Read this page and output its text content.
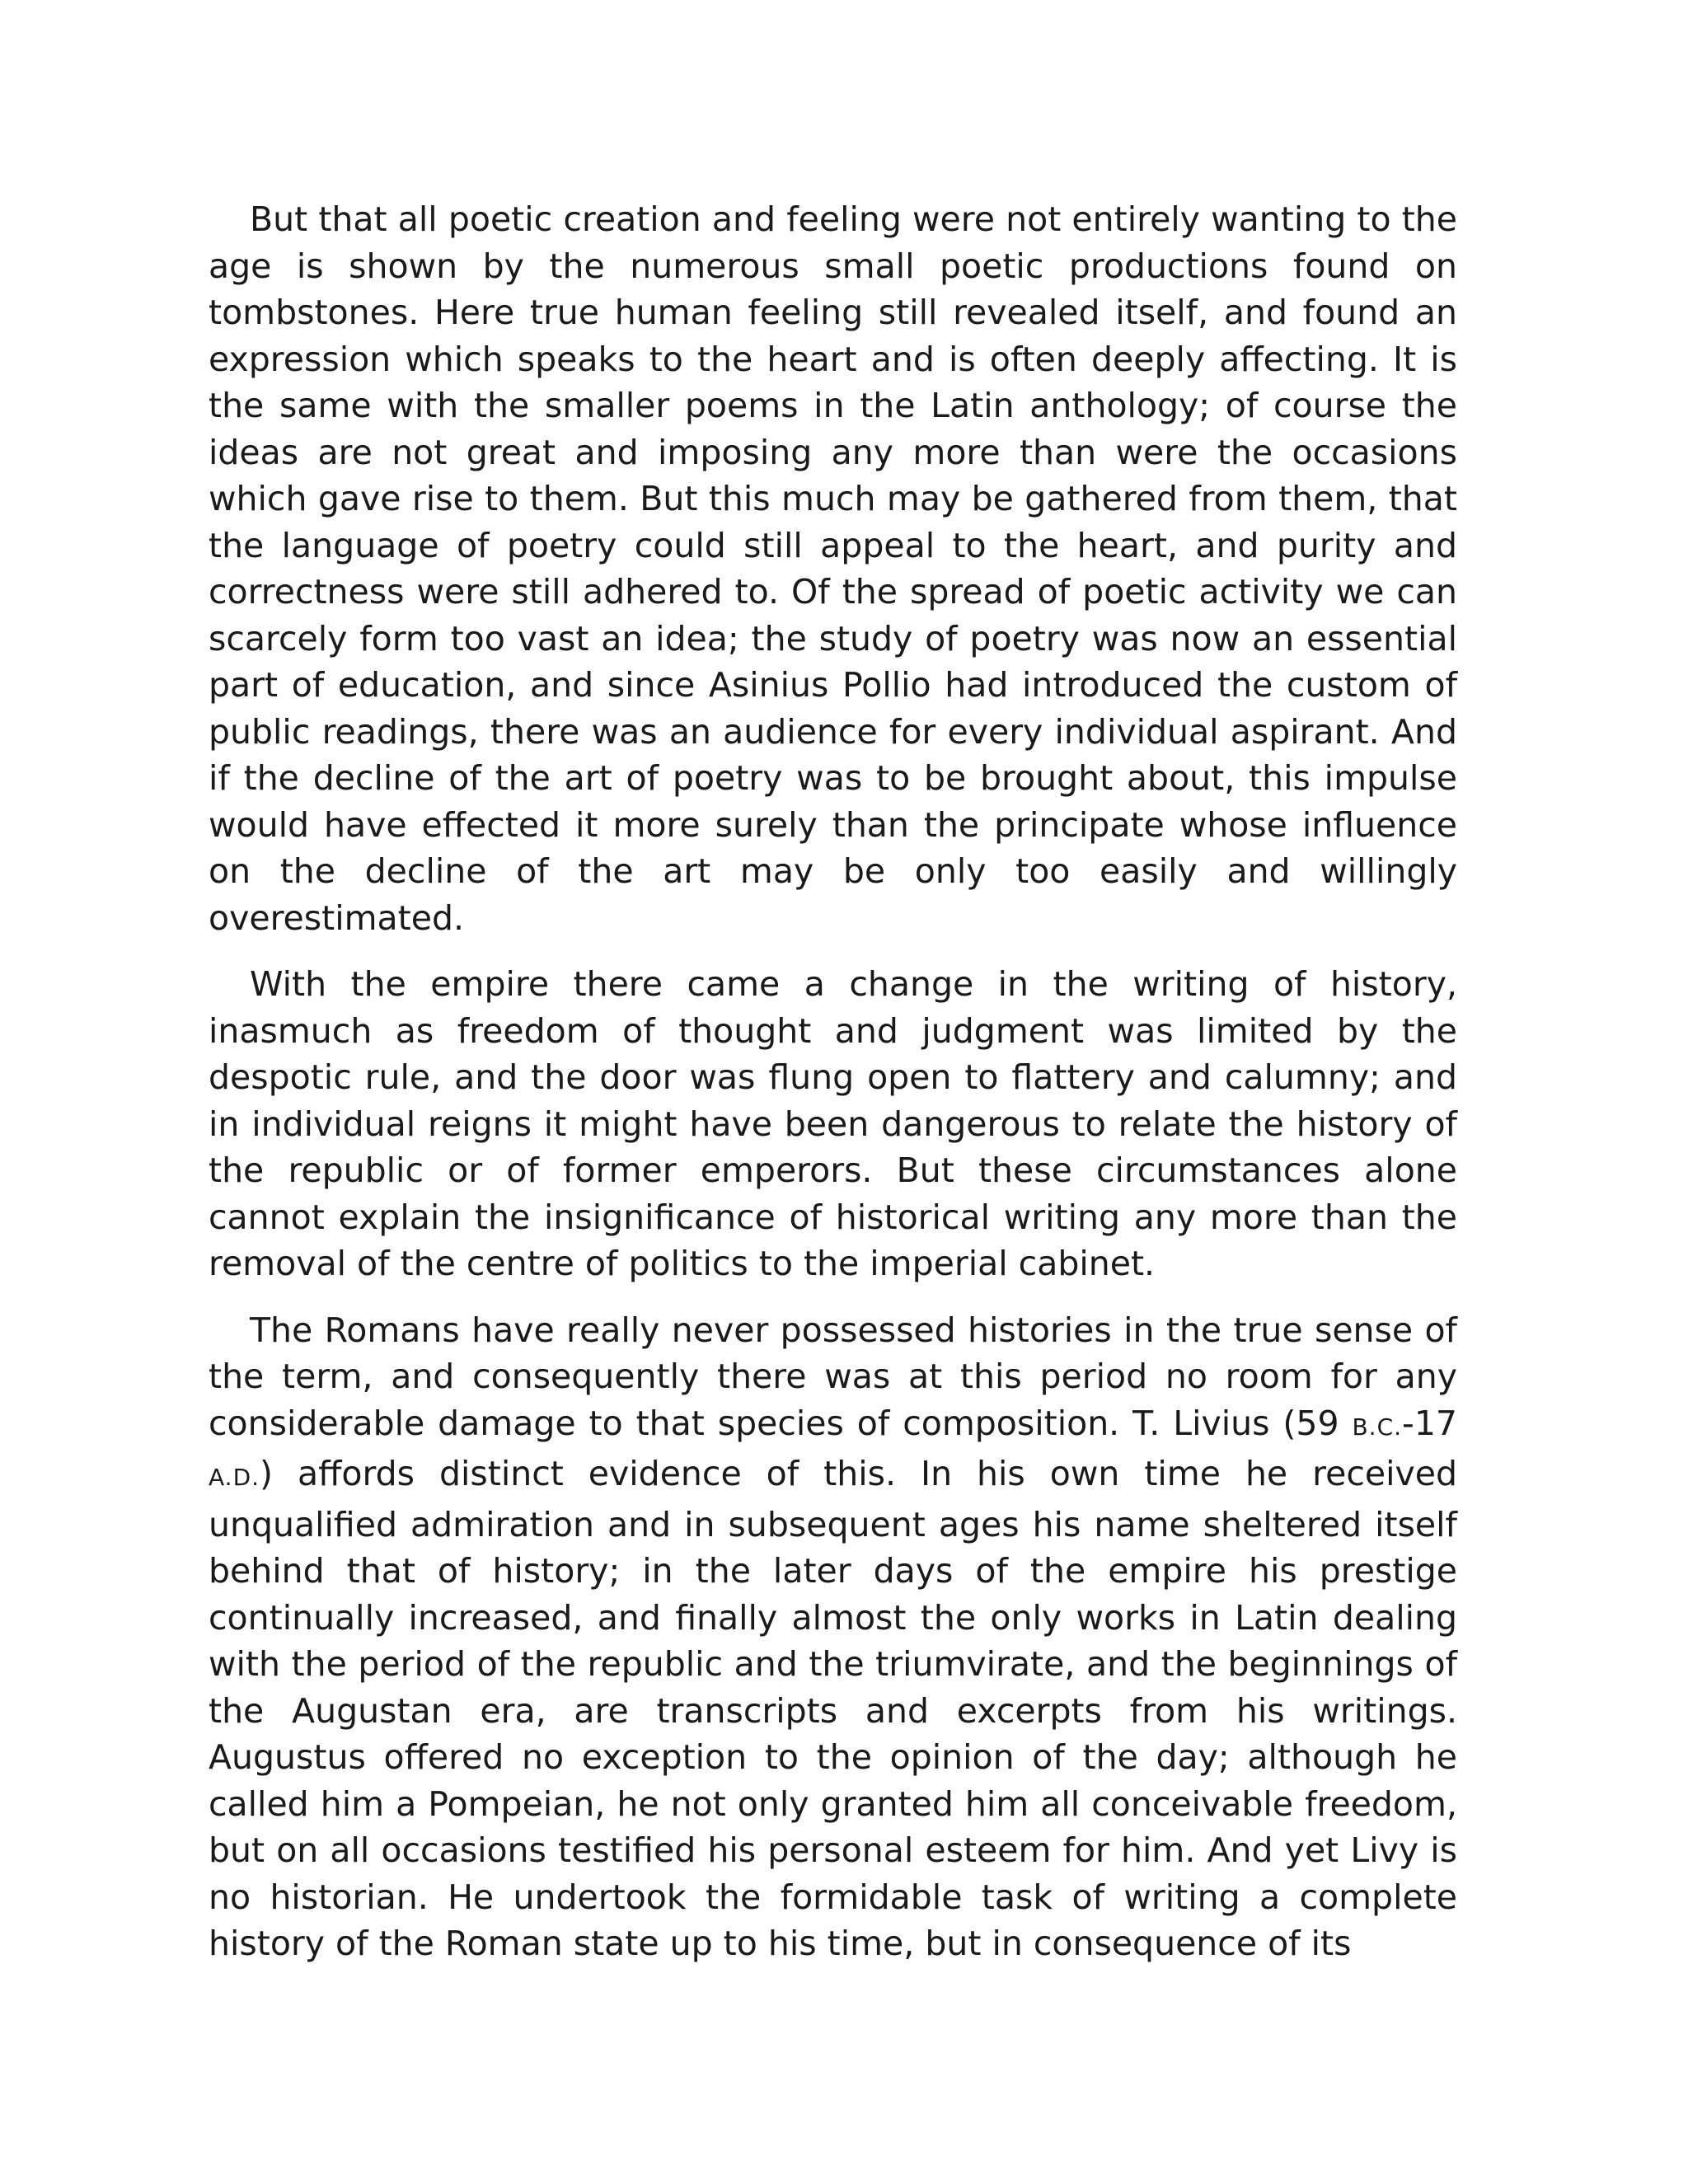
But that all poetic creation and feeling were not entirely wanting to the age is shown by the numerous small poetic productions found on tombstones. Here true human feeling still revealed itself, and found an expression which speaks to the heart and is often deeply affecting. It is the same with the smaller poems in the Latin anthology; of course the ideas are not great and imposing any more than were the occasions which gave rise to them. But this much may be gathered from them, that the language of poetry could still appeal to the heart, and purity and correctness were still adhered to. Of the spread of poetic activity we can scarcely form too vast an idea; the study of poetry was now an essential part of education, and since Asinius Pollio had introduced the custom of public readings, there was an audience for every individual aspirant. And if the decline of the art of poetry was to be brought about, this impulse would have effected it more surely than the principate whose influence on the decline of the art may be only too easily and willingly overestimated.

With the empire there came a change in the writing of history, inasmuch as freedom of thought and judgment was limited by the despotic rule, and the door was flung open to flattery and calumny; and in individual reigns it might have been dangerous to relate the history of the republic or of former emperors. But these circumstances alone cannot explain the insignificance of historical writing any more than the removal of the centre of politics to the imperial cabinet.

The Romans have really never possessed histories in the true sense of the term, and consequently there was at this period no room for any considerable damage to that species of composition. T. Livius (59 B.C.-17 A.D.) affords distinct evidence of this. In his own time he received unqualified admiration and in subsequent ages his name sheltered itself behind that of history; in the later days of the empire his prestige continually increased, and finally almost the only works in Latin dealing with the period of the republic and the triumvirate, and the beginnings of the Augustan era, are transcripts and excerpts from his writings. Augustus offered no exception to the opinion of the day; although he called him a Pompeian, he not only granted him all conceivable freedom, but on all occasions testified his personal esteem for him. And yet Livy is no historian. He undertook the formidable task of writing a complete history of the Roman state up to his time, but in consequence of its
